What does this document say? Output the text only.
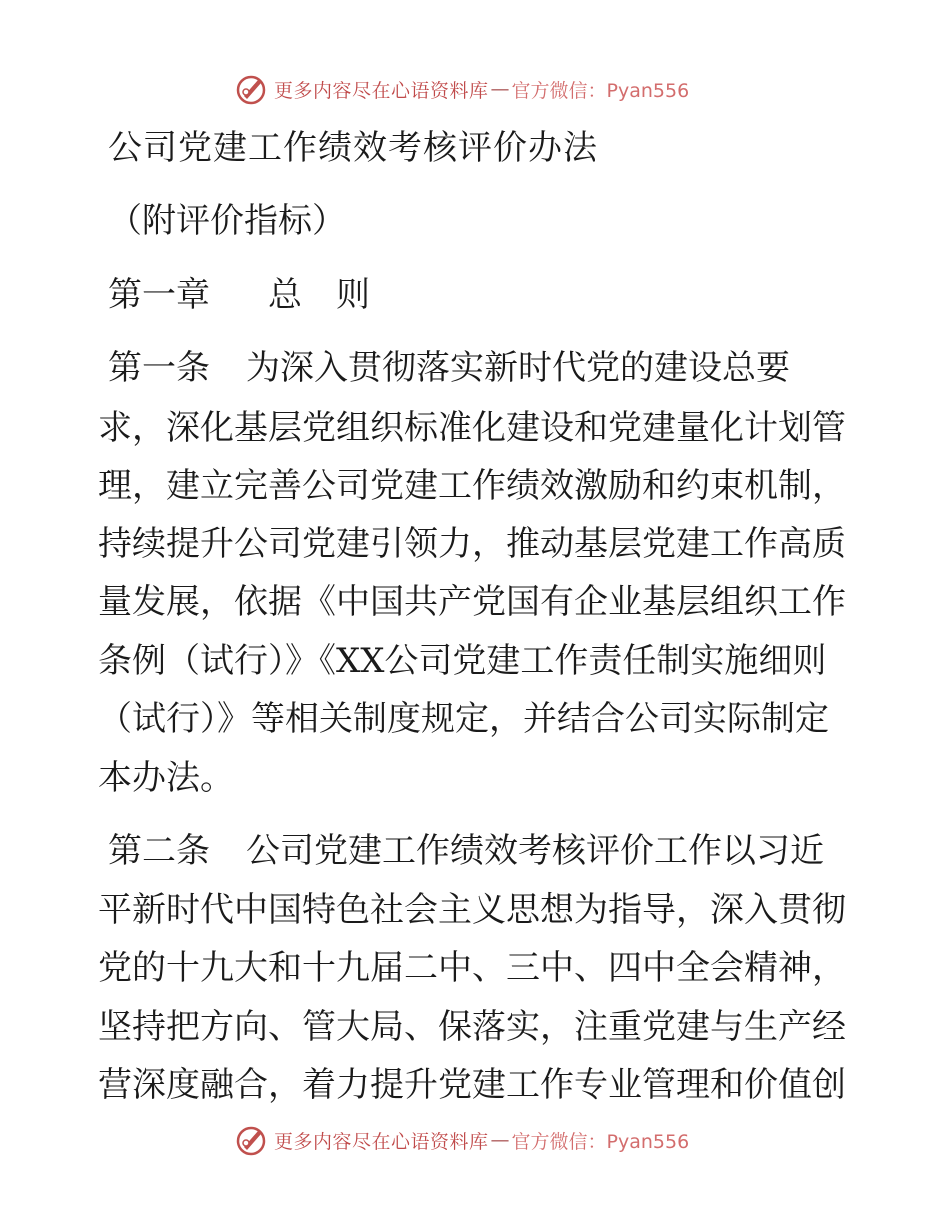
更多内容尽在心语资料库 — 官方微信：Pyan556
公司党建工作绩效考核评价办法
（附评价指标）
第一章 总　则
第一条 为深入贯彻落实新时代党的建设总要
求，深化基层党组织标准化建设和党建量化计划管
理，建立完善公司党建工作绩效激励和约束机制，
持续提升公司党建引领力，推动基层党建工作高质
量发展，依据《中国共产党国有企业基层组织工作
条例（试行）》《XX公司党建工作责任制实施细则
（试行）》等相关制度规定，并结合公司实际制定
本办法。
第二条 公司党建工作绩效考核评价工作以习近
平新时代中国特色社会主义思想为指导，深入贯彻
党的十九大和十九届二中、三中、四中全会精神，
坚持把方向、管大局、保落实，注重党建与生产经
营深度融合，着力提升党建工作专业管理和价值创
更多内容尽在心语资料库 — 官方微信：Pyan556
